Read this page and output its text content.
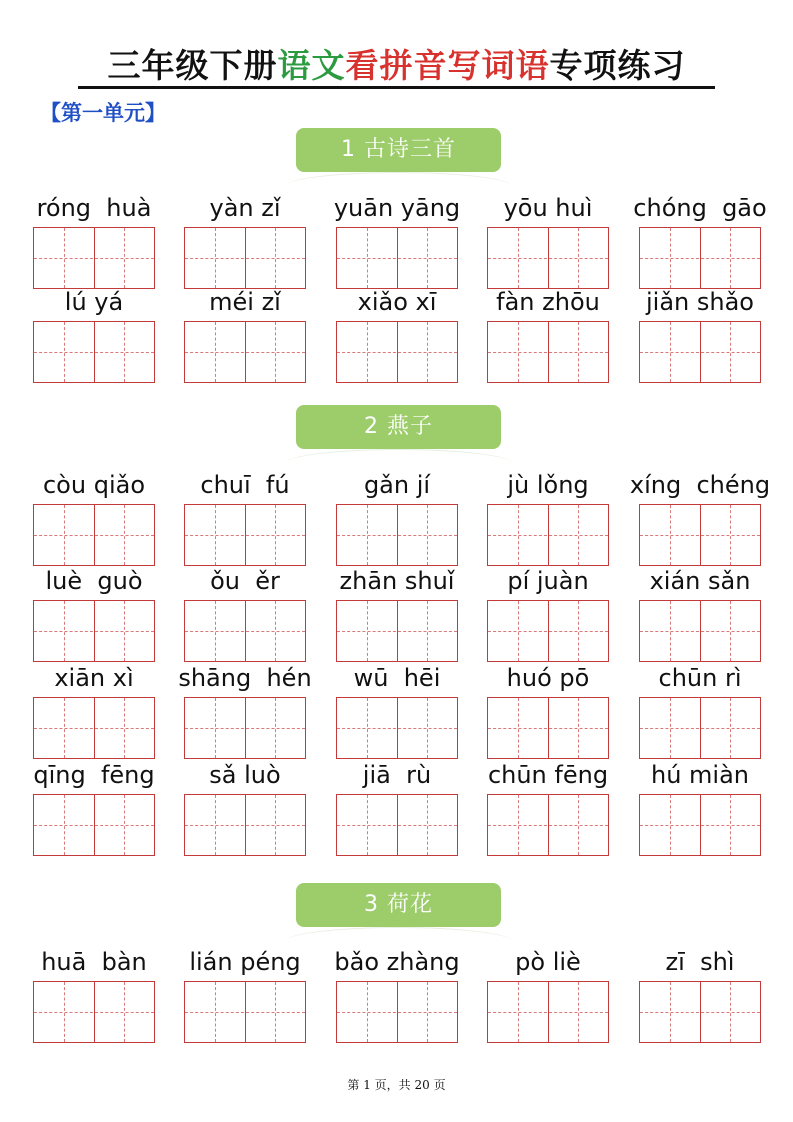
三年级下册语文看拼音写词语专项练习
【第一单元】
1 古诗三首
2 燕子
3 荷花
róng  huà	yàn zǐ	yuān yāng	yōu huì	chóng  gāo
lú yá	méi zǐ	xiǎo xī	fàn zhōu	jiǎn shǎo
còu qiǎo	chuī  fú	gǎn jí	jù lǒng	xíng  chéng
luè  guò	ǒu  ěr	zhān shuǐ	pí juàn	xián sǎn
xiān xì	shāng  hén	wū  hēi	huó pō	chūn rì
qīng  fēng	sǎ luò	jiā  rù	chūn fēng	hú miàn
huā  bàn	lián péng	bǎo zhàng	pò liè	zī  shì
第 1 页，共 20 页
